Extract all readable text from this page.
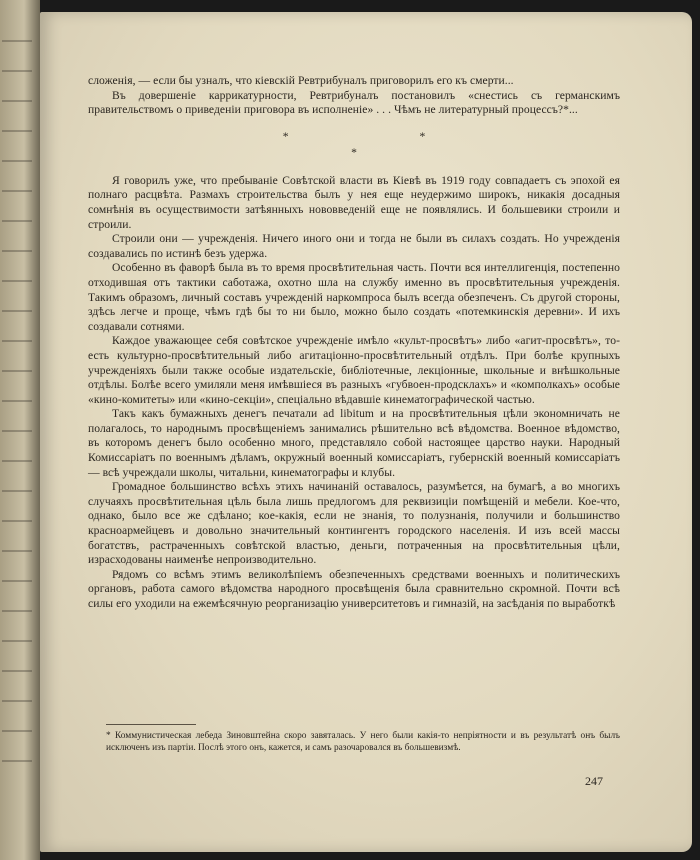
сложенія, — если бы узналъ, что кіевскій Ревтрибуналъ приговорилъ его къ смерти...

Въ довершеніе каррикатурности, Ревтрибуналъ постановилъ «снестись съ германскимъ правительствомъ о приведеніи приговора въ исполненіе» . . . Чѣмъ не литературный процессъ?*...

* *
*

Я говорилъ уже, что пребываніе Совѣтской власти въ Кіевѣ въ 1919 году совпадаетъ съ эпохой ея полнаго расцвѣта. Размахъ строительства былъ у нея еще неудержимо широкъ, никакія досадныя сомнѣнія въ осуществимости затѣянныхъ нововведеній еще не появлялись. И большевики строили и строили.

Строили они — учрежденія. Ничего иного они и тогда не были въ силахъ создать. Но учрежденія создавались по истинѣ безъ удержа.

Особенно въ фаворѣ была въ то время просвѣтительная часть. Почти вся интеллигенція, постепенно отходившая отъ тактики саботажа, охотно шла на службу именно въ просвѣтительныя учрежденія. Такимъ образомъ, личный составъ учрежденій наркомпроса былъ всегда обезпеченъ. Съ другой стороны, здѣсь легче и проще, чѣмъ гдѣ бы то ни было, можно было создать «потемкинскія деревни». И ихъ создавали сотнями.

Каждое уважающее себя совѣтское учрежденіе имѣло «культ-просвѣтъ» либо «агит-просвѣтъ», то-есть культурно-просвѣтительный либо агитаціонно-просвѣтительный отдѣлъ. При болѣе крупныхъ учрежденіяхъ были также особые издательскіе, библіотечные, лекціонные, школьные и внѣшкольные отдѣлы. Болѣе всего умиляли меня имѣвшіеся въ разныхъ «губвоен-продсклахъ» и «комполкахъ» особые «кино-комитеты» или «кино-секціи», спеціально вѣдавшіе кинематографической частью.

Такъ какъ бумажныхъ денегъ печатали ad libitum и на просвѣтительныя цѣли экономничать не полагалось, то народнымъ просвѣщеніемъ занимались рѣшительно всѣ вѣдомства. Военное вѣдомство, въ которомъ денегъ было особенно много, представляло собой настоящее царство науки. Народный Комиссаріатъ по военнымъ дѣламъ, окружный военный комиссаріатъ, губернскій военный комиссаріатъ — всѣ учреждали школы, читальни, кинематографы и клубы.

Громадное большинство всѣхъ этихъ начинаній оставалось, разумѣется, на бумагѣ, а во многихъ случаяхъ просвѣтительная цѣль была лишь предлогомъ для реквизиціи помѣщеній и мебели. Кое-что, однако, было все же сдѣлано; кое-какія, если не знанія, то полузнанія, получили и большинство красноармейцевъ и довольно значительный контингентъ городского населенія. И изъ всей массы богатствъ, растраченныхъ совѣтской властью, деньги, потраченныя на просвѣтительныя цѣли, израсходованы наименѣе непроизводительно.

Рядомъ со всѣмъ этимъ великолѣпіемъ обезпеченныхъ средствами военныхъ и политическихъ органовъ, работа самого вѣдомства народного просвѣщенія была сравнительно скромной. Почти всѣ силы его уходили на ежемѣсячную реорганизацію университетовъ и гимназій, на засѣданія по выработкѣ

* Коммунистическая лебеда Зиновштейна скоро завяталась. У него были какія-то непріятности и въ результатѣ онъ былъ исключенъ изъ партіи. Послѣ этого онъ, кажется, и самъ разочаровался въ большевизмѣ.
247
